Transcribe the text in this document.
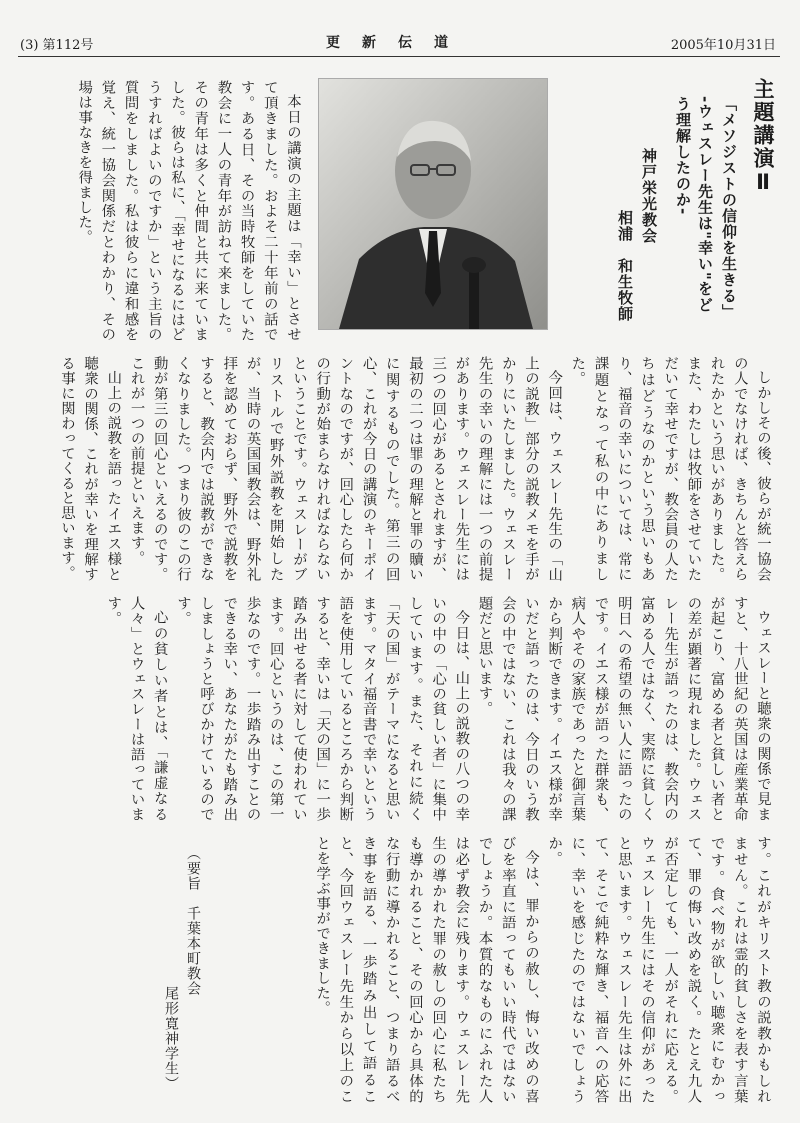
(3) 第112号	更新伝道	2005年10月31日
主題講演Ⅱ
「メソジストの信仰を生きる」
-ウェスレー先生は"幸い"をどう理解したのか-
神戸栄光教会
相浦　和生牧師

本日の講演の主題は「幸い」とさせて頂きました。およそ二十年前の話です。ある日、その当時牧師をしていた教会に一人の青年が訪ねて来ました。その青年は多くと仲間と共に来ていました。彼らは私に、「幸せになるにはどうすればよいのですか」という主旨の質問をしました。私は彼らに違和感を覚え、統一協会関係だとわかり、その場は事なきを得ました。

しかしその後、彼らが統一協会の人でなければ、きちんと答えられたかという思いがありました。また、わたしは牧師をさせていただいて幸せですが、教会員の人たちはどうなのかという思いもあり、福音の幸いについては、常に課題となって私の中にありました。

今回は、ウェスレー先生の「山上の説教」部分の説教メモを手がかりにいたしました。ウェスレー先生の幸いの理解には一つの前提があります。ウェスレー先生には三つの回心があるとされますが、最初の二つは罪の理解と罪の贖いに関するものでした。第三の回心、これが今日の講演のキーポイントなのですが、回心したら何かの行動が始まらなければならないということです。ウェスレーがブリストルで野外説教を開始したが、当時の英国国教会は、野外礼拝を認めておらず、野外で説教をすると、教会内では説教ができなくなりました。つまり彼のこの行動が第三の回心といえるのです。これが一つの前提といえます。

山上の説教を語ったイエス様と聴衆の関係、これが幸いを理解する事に関わってくると思います。

ウェスレーと聴衆の関係で見ますと、十八世紀の英国は産業革命が起こり、富める者と貧しい者との差が顕著に現れました。ウェスレー先生が語ったのは、教会内の富める人ではなく、実際に貧しく明日への希望の無い人に語ったのです。イエス様が語った群衆も、病人やその家族であったと御言葉から判断できます。イエス様が幸いだと語ったのは、今日のいう教会の中ではない、これは我々の課題だと思います。

今日は、山上の説教の八つの幸いの中の「心の貧しい者」に集中しています。また、それに続く「天の国」がテーマになると思います。マタイ福音書で幸いという語を使用しているところから判断すると、幸いは「天の国」に一歩踏み出せる者に対して使われています。回心というのは、この第一歩なのです。一歩踏み出すことのできる幸い、あなたがたも踏み出しましょうと呼びかけているのです。

心の貧しい者とは、「謙虚なる人々」とウェスレーは語っています。

す。これがキリスト教の説教かもしれません。これは霊的貧しさを表す言葉です。食べ物が欲しい聴衆にむかって、罪の悔い改めを説く。たとえ九人が否定しても、一人がそれに応える。ウェスレー先生にはその信仰があったと思います。ウェスレー先生は外に出て、そこで純粋な輝き、福音への応答に、幸いを感じたのではないでしょうか。

今は、罪からの赦し、悔い改めの喜びを率直に語ってもいい時代ではないでしょうか。本質的なものにふれた人は必ず教会に残ります。ウェスレー先生の導かれた罪の赦しの回心に私たちも導かれること、その回心から具体的な行動に導かれること、つまり語るべき事を語る、一歩踏み出して語ること、今回ウェスレー先生から以上のことを学ぶ事ができました。

（要旨　千葉本町教会
尾形寛神学生）
